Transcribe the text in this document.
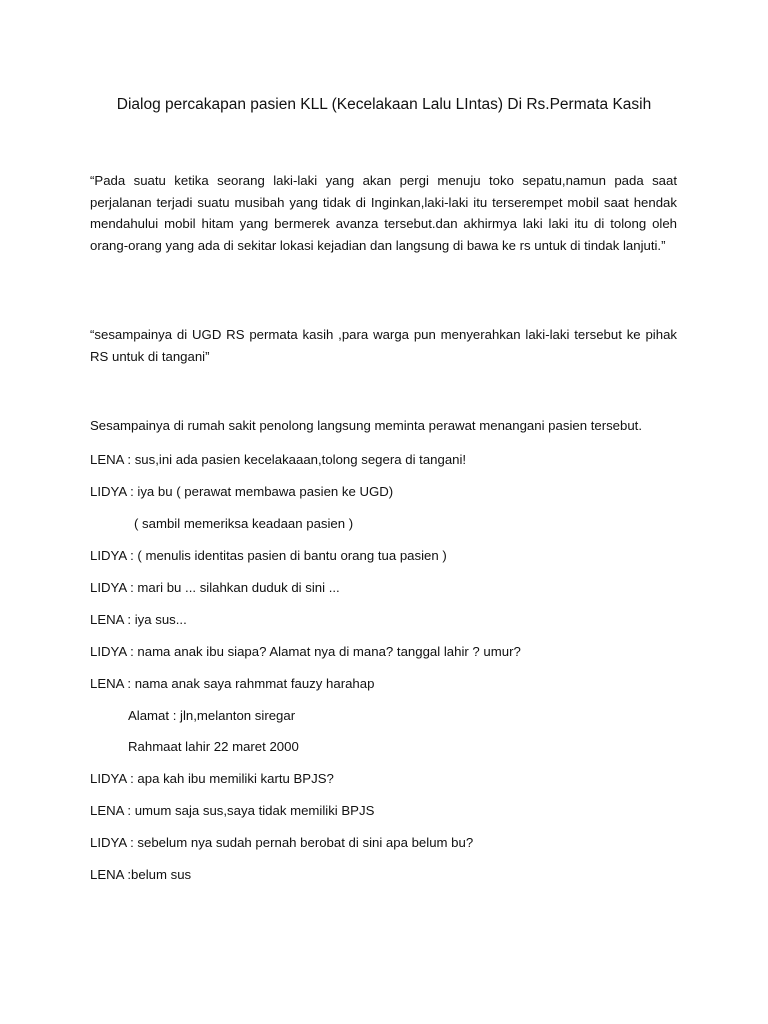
Dialog percakapan pasien KLL (Kecelakaan Lalu LIntas) Di Rs.Permata Kasih

“Pada suatu ketika seorang laki-laki yang akan pergi menuju toko sepatu,namun pada saat perjalanan terjadi suatu musibah yang tidak di Inginkan,laki-laki itu terserempet mobil saat hendak mendahului mobil hitam yang bermerek avanza tersebut.dan akhirmya laki laki itu di tolong oleh orang-orang yang ada di sekitar lokasi kejadian dan langsung di bawa ke rs untuk di tindak lanjuti.”

“sesampainya di UGD RS permata kasih ,para warga pun menyerahkan laki-laki tersebut ke pihak RS untuk di tangani”

Sesampainya di rumah sakit penolong langsung meminta perawat menangani pasien tersebut.

LENA : sus,ini ada pasien kecelakaaan,tolong segera di tangani!

LIDYA : iya bu ( perawat membawa pasien ke UGD)

( sambil memeriksa keadaan pasien )

LIDYA : ( menulis identitas pasien di bantu orang tua pasien )

LIDYA : mari bu ... silahkan duduk di sini ...

LENA : iya sus...

LIDYA : nama anak ibu siapa? Alamat nya di mana? tanggal lahir ? umur?

LENA : nama anak saya rahmmat fauzy harahap

Alamat : jln,melanton siregar

Rahmaat lahir 22 maret 2000

LIDYA : apa kah ibu memiliki kartu BPJS?

LENA : umum saja sus,saya tidak memiliki BPJS

LIDYA : sebelum nya sudah pernah berobat di sini apa belum bu?

LENA :belum sus
